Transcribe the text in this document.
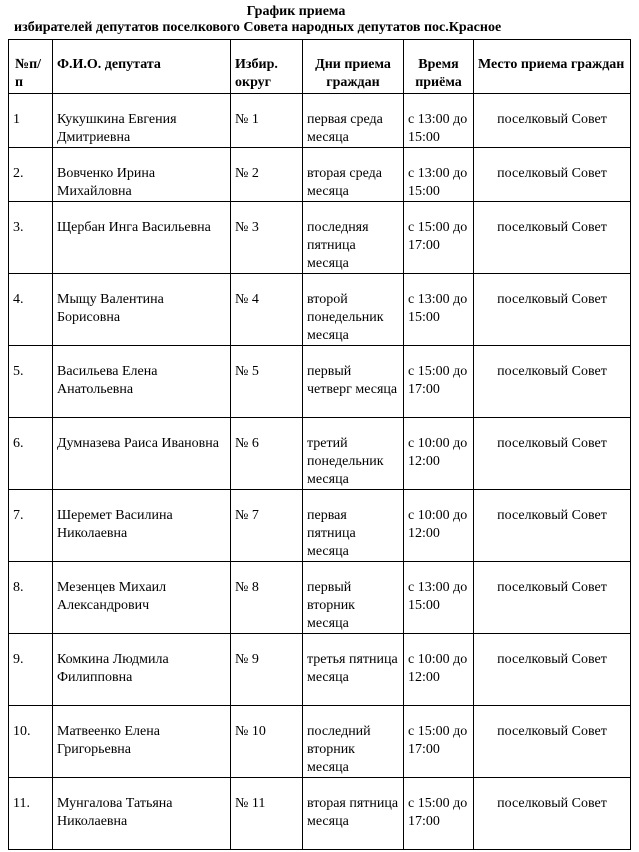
График приема
избирателей депутатов поселкового Совета народных депутатов пос.Красное
№п/п	Ф.И.О. депутата	Избир. округ	Дни приема граждан	Время приёма	Место приема граждан
1	Кукушкина Евгения Дмитриевна	№ 1	первая среда месяца	с 13:00 до 15:00	поселковый Совет
2.	Вовченко Ирина Михайловна	№ 2	вторая среда месяца	с 13:00 до 15:00	поселковый Совет
3.	Щербан Инга Васильевна	№ 3	последняя пятница месяца	с 15:00 до 17:00	поселковый Совет
4.	Мыщу Валентина Борисовна	№ 4	второй понедельник месяца	с 13:00 до 15:00	поселковый Совет
5.	Васильева Елена Анатольевна	№ 5	первый четверг месяца	с 15:00 до 17:00	поселковый Совет
6.	Думназева Раиса Ивановна	№ 6	третий понедельник месяца	с 10:00 до 12:00	поселковый Совет
7.	Шеремет Василина Николаевна	№ 7	первая пятница месяца	с 10:00 до 12:00	поселковый Совет
8.	Мезенцев Михаил Александрович	№ 8	первый вторник месяца	с 13:00 до 15:00	поселковый Совет
9.	Комкина Людмила Филипповна	№ 9	третья пятница месяца	с 10:00 до 12:00	поселковый Совет
10.	Матвеенко Елена Григорьевна	№ 10	последний вторник месяца	с 15:00 до 17:00	поселковый Совет
11.	Мунгалова Татьяна Николаевна	№ 11	вторая пятница месяца	с 15:00 до 17:00	поселковый Совет
